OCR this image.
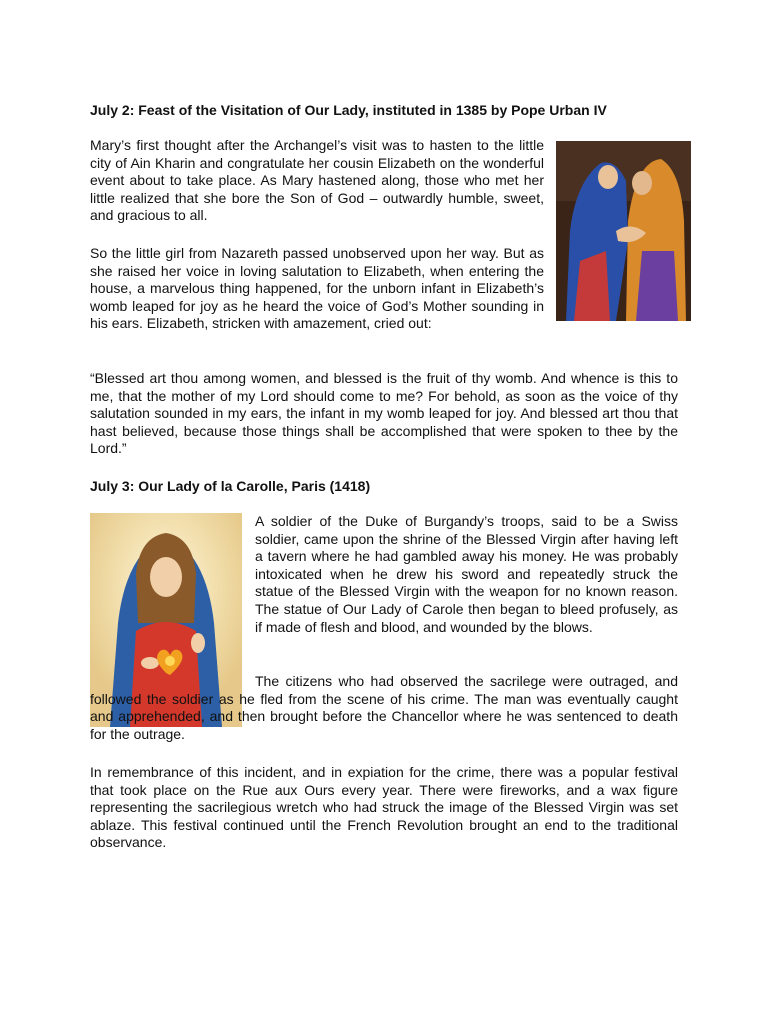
July 2: Feast of the Visitation of Our Lady, instituted in 1385 by Pope Urban IV

Mary’s first thought after the Archangel’s visit was to hasten to the little city of Ain Kharin and congratulate her cousin Elizabeth on the wonderful event about to take place. As Mary hastened along, those who met her little realized that she bore the Son of God – outwardly humble, sweet, and gracious to all.

So the little girl from Nazareth passed unobserved upon her way. But as she raised her voice in loving salutation to Elizabeth, when entering the house, a marvelous thing happened, for the unborn infant in Elizabeth’s womb leaped for joy as he heard the voice of God’s Mother sounding in his ears. Elizabeth, stricken with amazement, cried out:

“Blessed art thou among women, and blessed is the fruit of thy womb. And whence is this to me, that the mother of my Lord should come to me? For behold, as soon as the voice of thy salutation sounded in my ears, the infant in my womb leaped for joy. And blessed art thou that hast believed, because those things shall be accomplished that were spoken to thee by the Lord.”

July 3: Our Lady of la Carolle, Paris (1418)

A soldier of the Duke of Burgandy’s troops, said to be a Swiss soldier, came upon the shrine of the Blessed Virgin after having left a tavern where he had gambled away his money. He was probably intoxicated when he drew his sword and repeatedly struck the statue of the Blessed Virgin with the weapon for no known reason. The statue of Our Lady of Carole then began to bleed profusely, as if made of flesh and blood, and wounded by the blows.

The citizens who had observed the sacrilege were outraged, and followed the soldier as he fled from the scene of his crime. The man was eventually caught and apprehended, and then brought before the Chancellor where he was sentenced to death for the outrage.

In remembrance of this incident, and in expiation for the crime, there was a popular festival that took place on the Rue aux Ours every year. There were fireworks, and a wax figure representing the sacrilegious wretch who had struck the image of the Blessed Virgin was set ablaze. This festival continued until the French Revolution brought an end to the traditional observance.
